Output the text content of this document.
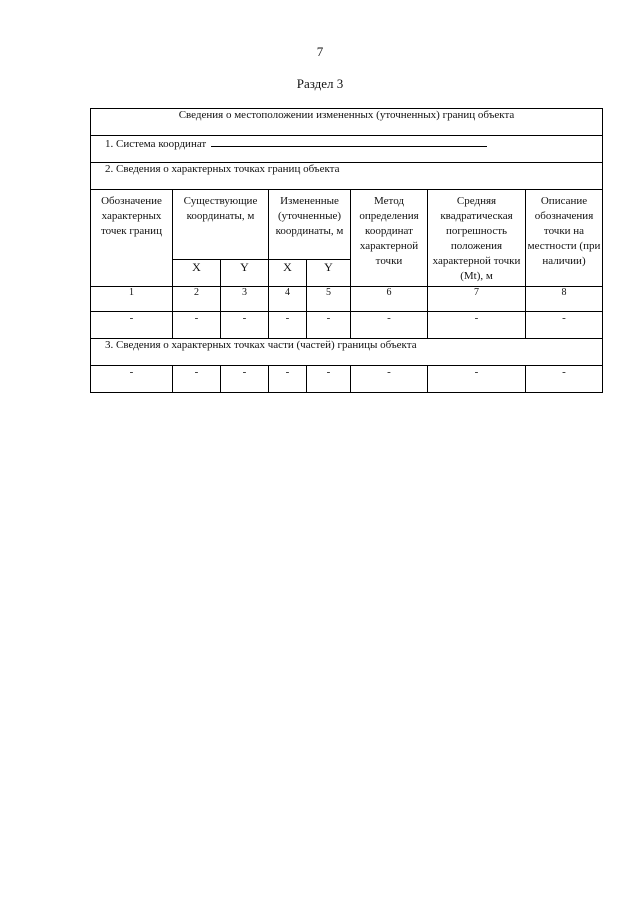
7
Раздел 3
Сведения о местоположении измененных (уточненных) границ объекта							
1. Система координат							
2. Сведения о характерных точках границ объекта							
Обозначение характерных точек границ	Существующие координаты, м		Измененные (уточненные) координаты, м		Метод определения координат характерной точки	Средняя квадратическая погрешность положения характерной точки (Mt), м	Описание обозначения точки на местности (при наличии)
	X	Y	X	Y			
1	2	3	4	5	6	7	8
-	-	-	-	-	-	-	-
3. Сведения о характерных точках части (частей) границы объекта							
-	-	-	-	-	-	-	-
